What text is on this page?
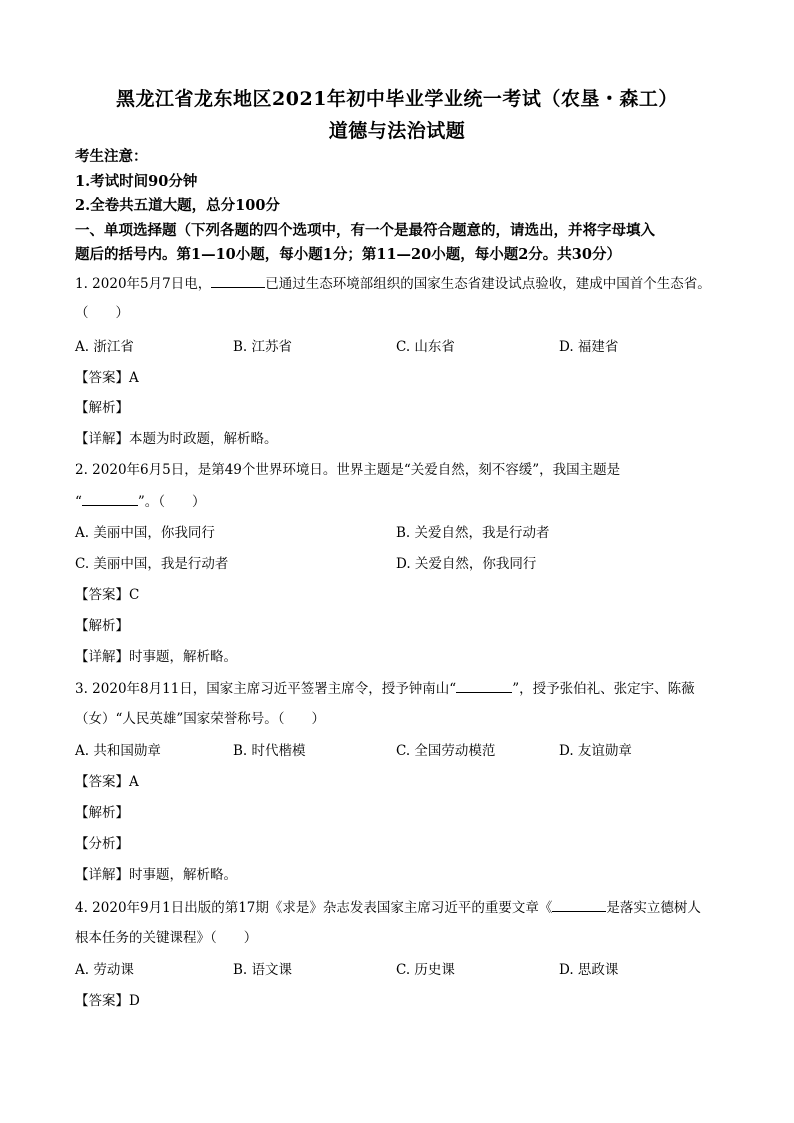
黑龙江省龙东地区2021年初中毕业学业统一考试（农垦・森工）
道德与法治试题
考生注意：
1.考试时间90分钟
2.全卷共五道大题，总分100分
一、单项选择题（下列各题的四个选项中，有一个是最符合题意的，请选出，并将字母填入
题后的括号内。第1—10小题，每小题1分；第11—20小题，每小题2分。共30分）
1. 2020年5月7日电，	已通过生态环境部组织的国家生态省建设试点验收，建成中国首个生态省。
（　　）
A. 浙江省	B. 江苏省	C. 山东省	D. 福建省
【答案】A
【解析】
【详解】本题为时政题，解析略。
2. 2020年6月5日，是第49个世界环境日。世界主题是“关爱自然，刻不容缓”，我国主题是
“	”。（　　）
A. 美丽中国，你我同行	B. 关爱自然，我是行动者
C. 美丽中国，我是行动者	D. 关爱自然，你我同行
【答案】C
【解析】
【详解】时事题，解析略。
3. 2020年8月11日，国家主席习近平签署主席令，授予钟南山“	”，授予张伯礼、张定宇、陈薇
（女）“人民英雄”国家荣誉称号。（　　）
A. 共和国勋章	B. 时代楷模	C. 全国劳动模范	D. 友谊勋章
【答案】A
【解析】
【分析】
【详解】时事题，解析略。
4. 2020年9月1日出版的第17期《求是》杂志发表国家主席习近平的重要文章《	是落实立德树人
根本任务的关键课程》（　　）
A. 劳动课	B. 语文课	C. 历史课	D. 思政课
【答案】D
